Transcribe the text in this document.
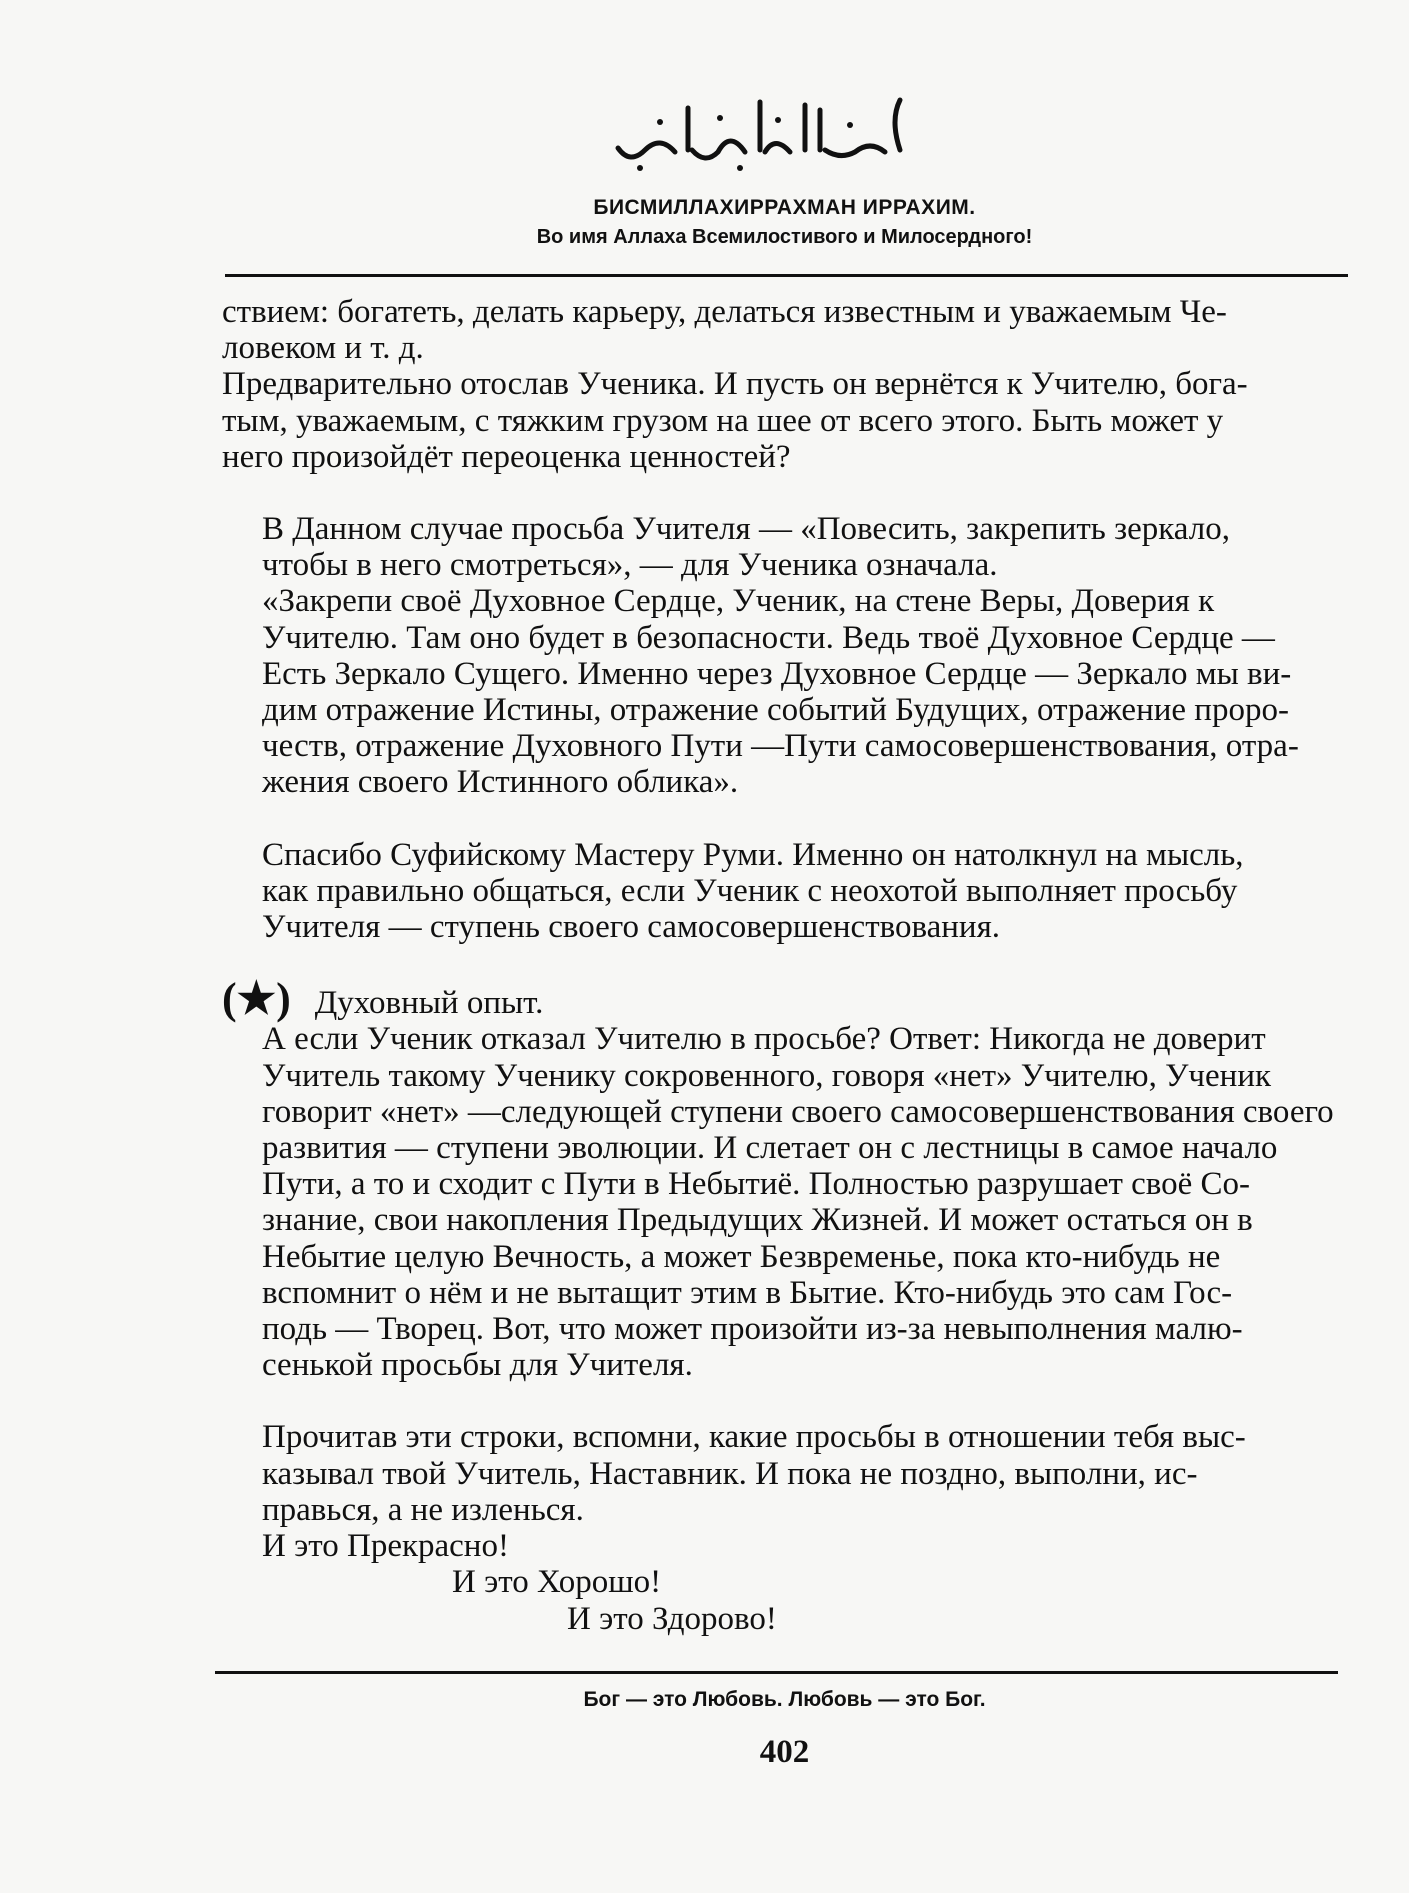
БИСМИЛЛАХИРРАХМАН ИРРАХИМ.
Во имя Аллаха Всемилостивого и Милосердного!

ствием: богатеть, делать карьеру, делаться известным и уважаемым Че-
ловеком и т. д.

Предварительно отослав Ученика. И пусть он вернётся к Учителю, бога-
тым, уважаемым, с тяжким грузом на шее от всего этого. Быть может у
него произойдёт переоценка ценностей?

В Данном случае просьба Учителя — «Повесить, закрепить зеркало,
чтобы в него смотреться», — для Ученика означала.

«Закрепи своё Духовное Сердце, Ученик, на стене Веры, Доверия к
Учителю. Там оно будет в безопасности. Ведь твоё Духовное Сердце —
Есть Зеркало Сущего. Именно через Духовное Сердце — Зеркало мы ви-
дим отражение Истины, отражение событий Будущих, отражение проро-
честв, отражение Духовного Пути —Пути самосовершенствования, отра-
жения своего Истинного облика».

Спасибо Суфийскому Мастеру Руми. Именно он натолкнул на мысль,
как правильно общаться, если Ученик с неохотой выполняет просьбу
Учителя — ступень своего самосовершенствования.

(★) Духовный опыт.

А если Ученик отказал Учителю в просьбе? Ответ: Никогда не доверит
Учитель такому Ученику сокровенного, говоря «нет» Учителю, Ученик
говорит «нет» —следующей ступени своего самосовершенствования своего
развития — ступени эволюции. И слетает он с лестницы в самое начало
Пути, а то и сходит с Пути в Небытиё. Полностью разрушает своё Со-
знание, свои накопления Предыдущих Жизней. И может остаться он в
Небытие целую Вечность, а может Безвременье, пока кто-нибудь не
вспомнит о нём и не вытащит этим в Бытие. Кто-нибудь это сам Гос-
подь — Творец. Вот, что может произойти из-за невыполнения малю-
сенькой просьбы для Учителя.

Прочитав эти строки, вспомни, какие просьбы в отношении тебя выс-
казывал твой Учитель, Наставник. И пока не поздно, выполни, ис-
правься, а не изленься.

И это Прекрасно!
И это Хорошо!
И это Здорово!
Бог — это Любовь. Любовь — это Бог.
402
